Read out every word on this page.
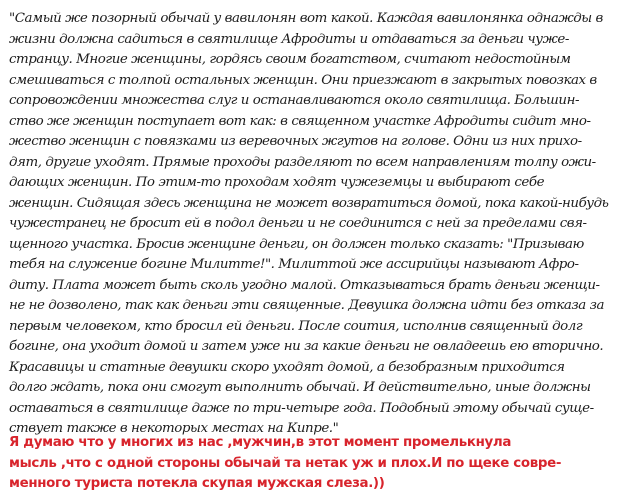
"Самый же позорный обычай у вавилонян вот какой. Каждая вавилонянка однажды в
жизни должна садиться в святилище Афродиты и отдаваться за деньги чуже-
странцу. Многие женщины, гордясь своим богатством, считают недостойным
смешиваться с толпой остальных женщин. Они приезжают в закрытых повозках в
сопровождении множества слуг и останавливаются около святилища. Большин-
ство же женщин поступает вот как: в священном участке Афродиты сидит мно-
жество женщин с повязками из веревочных жгутов на голове. Одни из них прихо-
дят, другие уходят. Прямые проходы разделяют по всем направлениям толпу ожи-
дающих женщин. По этим-то проходам ходят чужеземцы и выбирают себе
женщин. Сидящая здесь женщина не может возвратиться домой, пока какой-нибудь
чужестранец не бросит ей в подол деньги и не соединится с ней за пределами свя-
щенного участка. Бросив женщине деньги, он должен только сказать: "Призываю
тебя на служение богине Милитте!". Милиттой же ассирийцы называют Афро-
диту. Плата может быть сколь угодно малой. Отказываться брать деньги женщи-
не не дозволено, так как деньги эти священные. Девушка должна идти без отказа за
первым человеком, кто бросил ей деньги. После соития, исполнив священный долг
богине, она уходит домой и затем уже ни за какие деньги не овладеешь ею вторично.
Красавицы и статные девушки скоро уходят домой, а безобразным приходится
долго ждать, пока они смогут выполнить обычай. И действительно, иные должны
оставаться в святилище даже по три-четыре года. Подобный этому обычай суще-
ствует также в некоторых местах на Кипре."

Я думаю что у многих из нас ,мужчин,в этот момент промелькнула
мысль ,что с одной стороны обычай та нетак уж и плох.И по щеке совре-
менного туриста потекла скупая мужская слеза.))
